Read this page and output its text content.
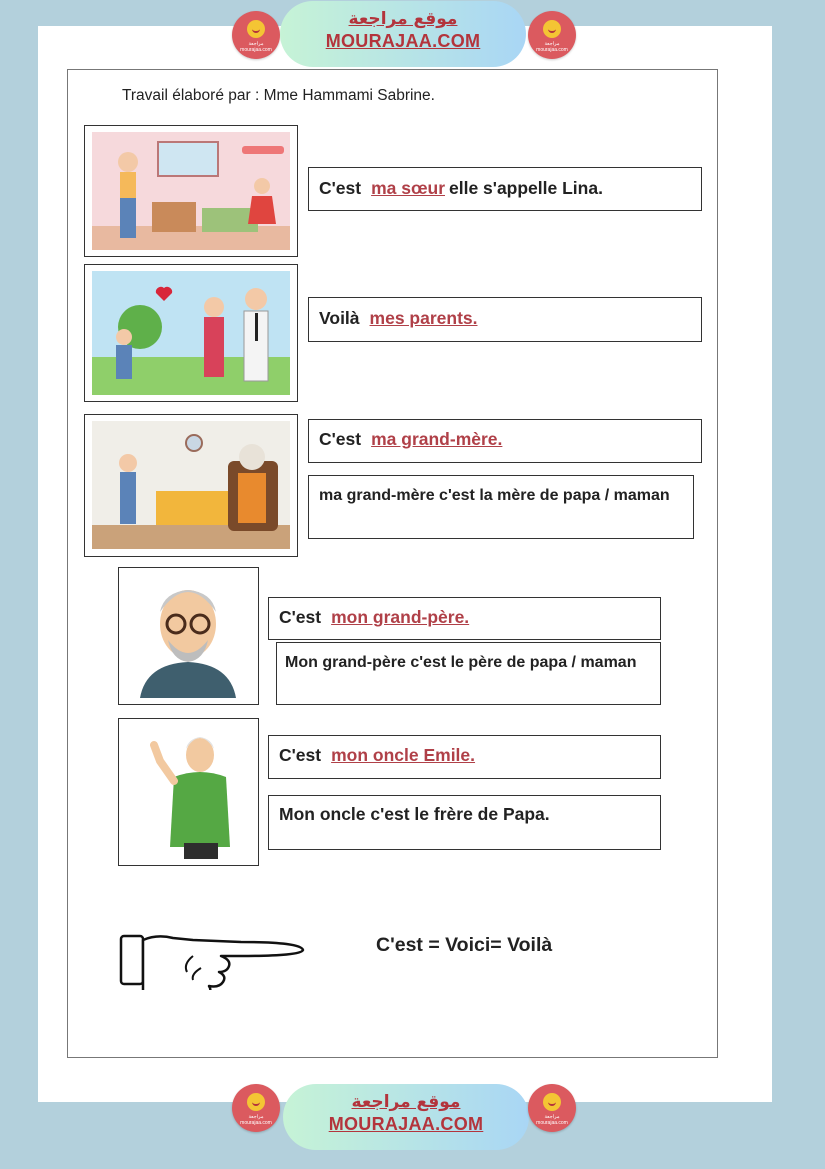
مراجعة mourajaa.com
موقع مراجعة
MOURAJAA.COM	مراجعة mourajaa.com
Travail élaboré par : Mme Hammami Sabrine.
C'est ma sœur elle s'appelle Lina.
Voilà mes parents.
C'est ma grand-mère.
ma grand-mère c'est la mère de papa / maman
C'est mon grand-père.
Mon grand-père c'est le père de papa / maman
C'est mon oncle Emile.
Mon oncle c'est le frère de Papa.
C'est = Voici= Voilà
مراجعة mourajaa.com
موقع مراجعة
MOURAJAA.COM	مراجعة mourajaa.com
